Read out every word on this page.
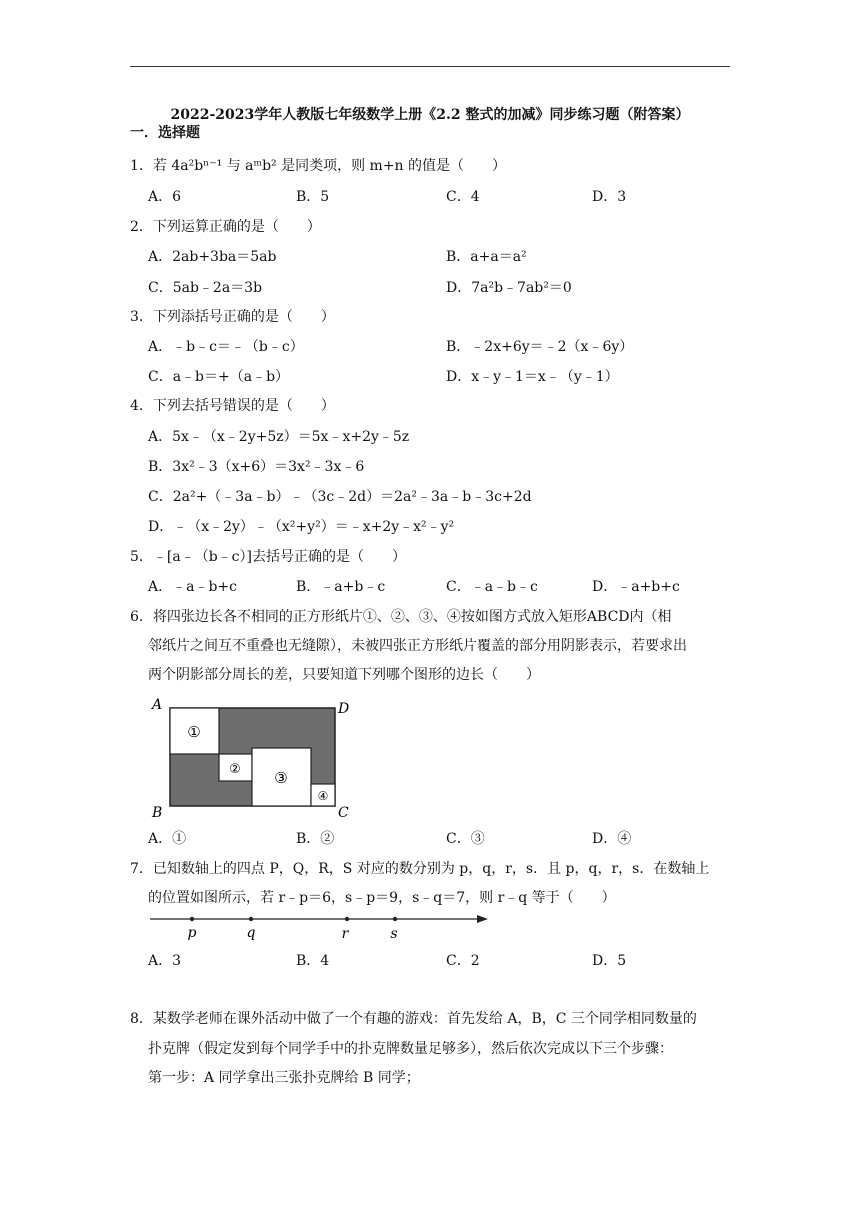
2022-2023学年人教版七年级数学上册《2.2 整式的加减》同步练习题（附答案）
一．选择题
1．若 4a²bⁿ⁻¹ 与 aᵐb² 是同类项，则 m+n 的值是（　　）
A．6	B．5	C．4	D．3
2．下列运算正确的是（　　）
A．2ab+3ba＝5ab	B．a+a＝a²
C．5ab﹣2a＝3b	D．7a²b﹣7ab²＝0
3．下列添括号正确的是（　　）
A．﹣b﹣c＝﹣（b﹣c）	B．﹣2x+6y＝﹣2（x﹣6y）
C．a﹣b＝+（a﹣b）	D．x﹣y﹣1＝x﹣（y﹣1）
4．下列去括号错误的是（　　）
A．5x﹣（x﹣2y+5z）＝5x﹣x+2y﹣5z
B．3x²﹣3（x+6）＝3x²﹣3x﹣6
C．2a²+（﹣3a﹣b）﹣（3c﹣2d）＝2a²﹣3a﹣b﹣3c+2d
D．﹣（x﹣2y）﹣（x²+y²）＝﹣x+2y﹣x²﹣y²
5．﹣[a﹣（b﹣c）]去括号正确的是（　　）
A．﹣a﹣b+c	B．﹣a+b﹣c	C．﹣a﹣b﹣c	D．﹣a+b+c
6．将四张边长各不相同的正方形纸片①、②、③、④按如图方式放入矩形ABCD内（相
邻纸片之间互不重叠也无缝隙），未被四张正方形纸片覆盖的部分用阴影表示，若要求出
两个阴影部分周长的差，只要知道下列哪个图形的边长（　　）
①
② ③
④
A
B	C
D
A．①	B．②	C．③	D．④
7．已知数轴上的四点 P，Q，R，S 对应的数分别为 p，q，r，s．且 p，q，r，s．在数轴上
的位置如图所示，若 r﹣p＝6，s﹣p＝9，s﹣q＝7，则 r﹣q 等于（　　）
p	q	r	s
A．3	B．4	C．2	D．5
8．某数学老师在课外活动中做了一个有趣的游戏：首先发给 A，B，C 三个同学相同数量的
扑克牌（假定发到每个同学手中的扑克牌数量足够多），然后依次完成以下三个步骤：
第一步：A 同学拿出三张扑克牌给 B 同学；
